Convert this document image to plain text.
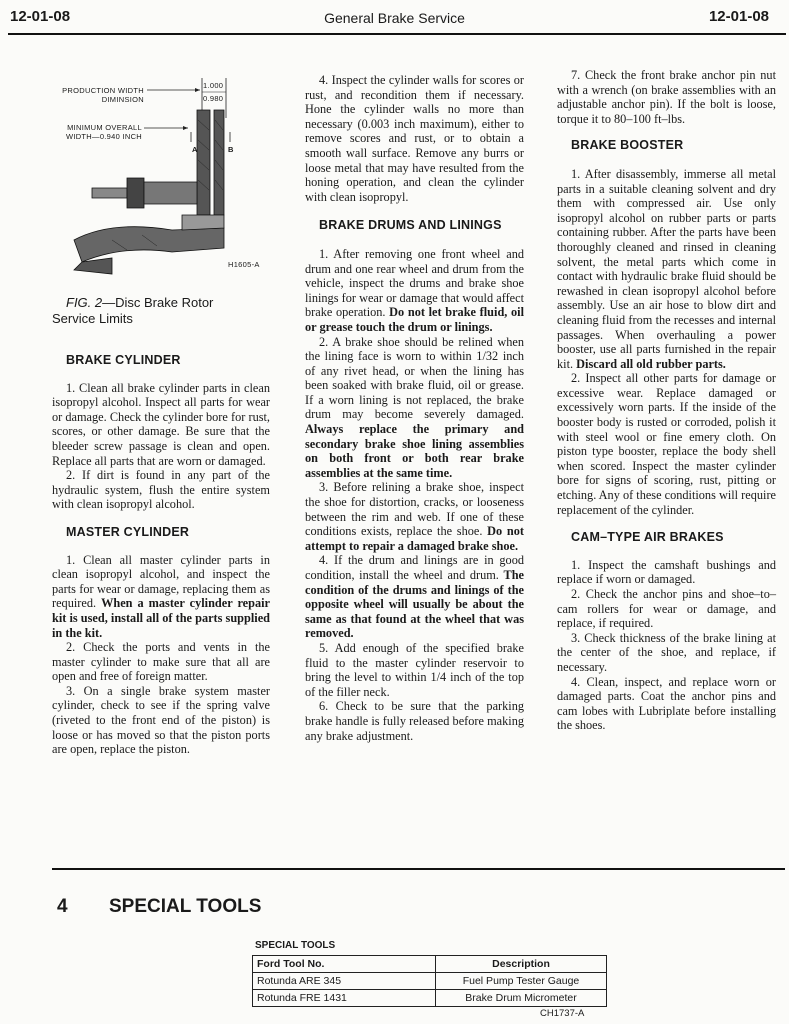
12-01-08	General Brake Service	12-01-08
PRODUCTION WIDTH
DIMINSION
1.000
0.980
MINIMUM OVERALL
WIDTH—0.940 INCH
A	B
H1605-A

FIG. 2—Disc Brake Rotor
Service Limits

BRAKE CYLINDER

1. Clean all brake cylinder parts in clean isopropyl alcohol. Inspect all parts for wear or damage. Check the cylinder bore for rust, scores, or other damage. Be sure that the bleeder screw passage is clean and open. Replace all parts that are worn or damaged.

2. If dirt is found in any part of the hydraulic system, flush the entire system with clean isopropyl alcohol.

MASTER CYLINDER

1. Clean all master cylinder parts in clean isopropyl alcohol, and inspect the parts for wear or damage, replacing them as required. When a master cylinder repair kit is used, install all of the parts supplied in the kit.

2. Check the ports and vents in the master cylinder to make sure that all are open and free of foreign matter.

3. On a single brake system master cylinder, check to see if the spring valve (riveted to the front end of the piston) is loose or has moved so that the piston ports are open, replace the piston.

4. Inspect the cylinder walls for scores or rust, and recondition them if necessary. Hone the cylinder walls no more than necessary (0.003 inch maximum), either to remove scores and rust, or to obtain a smooth wall surface. Remove any burrs or loose metal that may have resulted from the honing operation, and clean the cylinder with clean isopropyl.

BRAKE DRUMS AND LININGS

1. After removing one front wheel and drum and one rear wheel and drum from the vehicle, inspect the drums and brake shoe linings for wear or damage that would affect brake operation. Do not let brake fluid, oil or grease touch the drum or linings.

2. A brake shoe should be relined when the lining face is worn to within 1/32 inch of any rivet head, or when the lining has been soaked with brake fluid, oil or grease. If a worn lining is not replaced, the brake drum may become severely damaged. Always replace the primary and secondary brake shoe lining assemblies on both front or both rear brake assemblies at the same time.

3. Before relining a brake shoe, inspect the shoe for distortion, cracks, or looseness between the rim and web. If one of these conditions exists, replace the shoe. Do not attempt to repair a damaged brake shoe.

4. If the drum and linings are in good condition, install the wheel and drum. The condition of the drums and linings of the opposite wheel will usually be about the same as that found at the wheel that was removed.

5. Add enough of the specified brake fluid to the master cylinder reservoir to bring the level to within 1/4 inch of the top of the filler neck.

6. Check to be sure that the parking brake handle is fully released before making any brake adjustment.

7. Check the front brake anchor pin nut with a wrench (on brake assemblies with an adjustable anchor pin). If the bolt is loose, torque it to 80–100 ft–lbs.

BRAKE BOOSTER

1. After disassembly, immerse all metal parts in a suitable cleaning solvent and dry them with compressed air. Use only isopropyl alcohol on rubber parts or parts containing rubber. After the parts have been thoroughly cleaned and rinsed in cleaning solvent, the metal parts which come in contact with hydraulic brake fluid should be rewashed in clean isopropyl alcohol before assembly. Use an air hose to blow dirt and cleaning fluid from the recesses and internal passages. When overhauling a power booster, use all parts furnished in the repair kit. Discard all old rubber parts.

2. Inspect all other parts for damage or excessive wear. Replace damaged or excessively worn parts. If the inside of the booster body is rusted or corroded, polish it with steel wool or fine emery cloth. On piston type booster, replace the body shell when scored. Inspect the master cylinder bore for signs of scoring, rust, pitting or etching. Any of these conditions will require replacement of the cylinder.

CAM–TYPE AIR BRAKES

1. Inspect the camshaft bushings and replace if worn or damaged.

2. Check the anchor pins and shoe–to–cam rollers for wear or damage, and replace, if required.

3. Check thickness of the brake lining at the center of the shoe, and replace, if necessary.

4. Clean, inspect, and replace worn or damaged parts. Coat the anchor pins and cam lobes with Lubriplate before installing the shoes.

4 SPECIAL TOOLS
SPECIAL TOOLS
Ford Tool No.	Description
Rotunda ARE 345	Fuel Pump Tester Gauge
Rotunda FRE 1431	Brake Drum Micrometer
CH1737-A
